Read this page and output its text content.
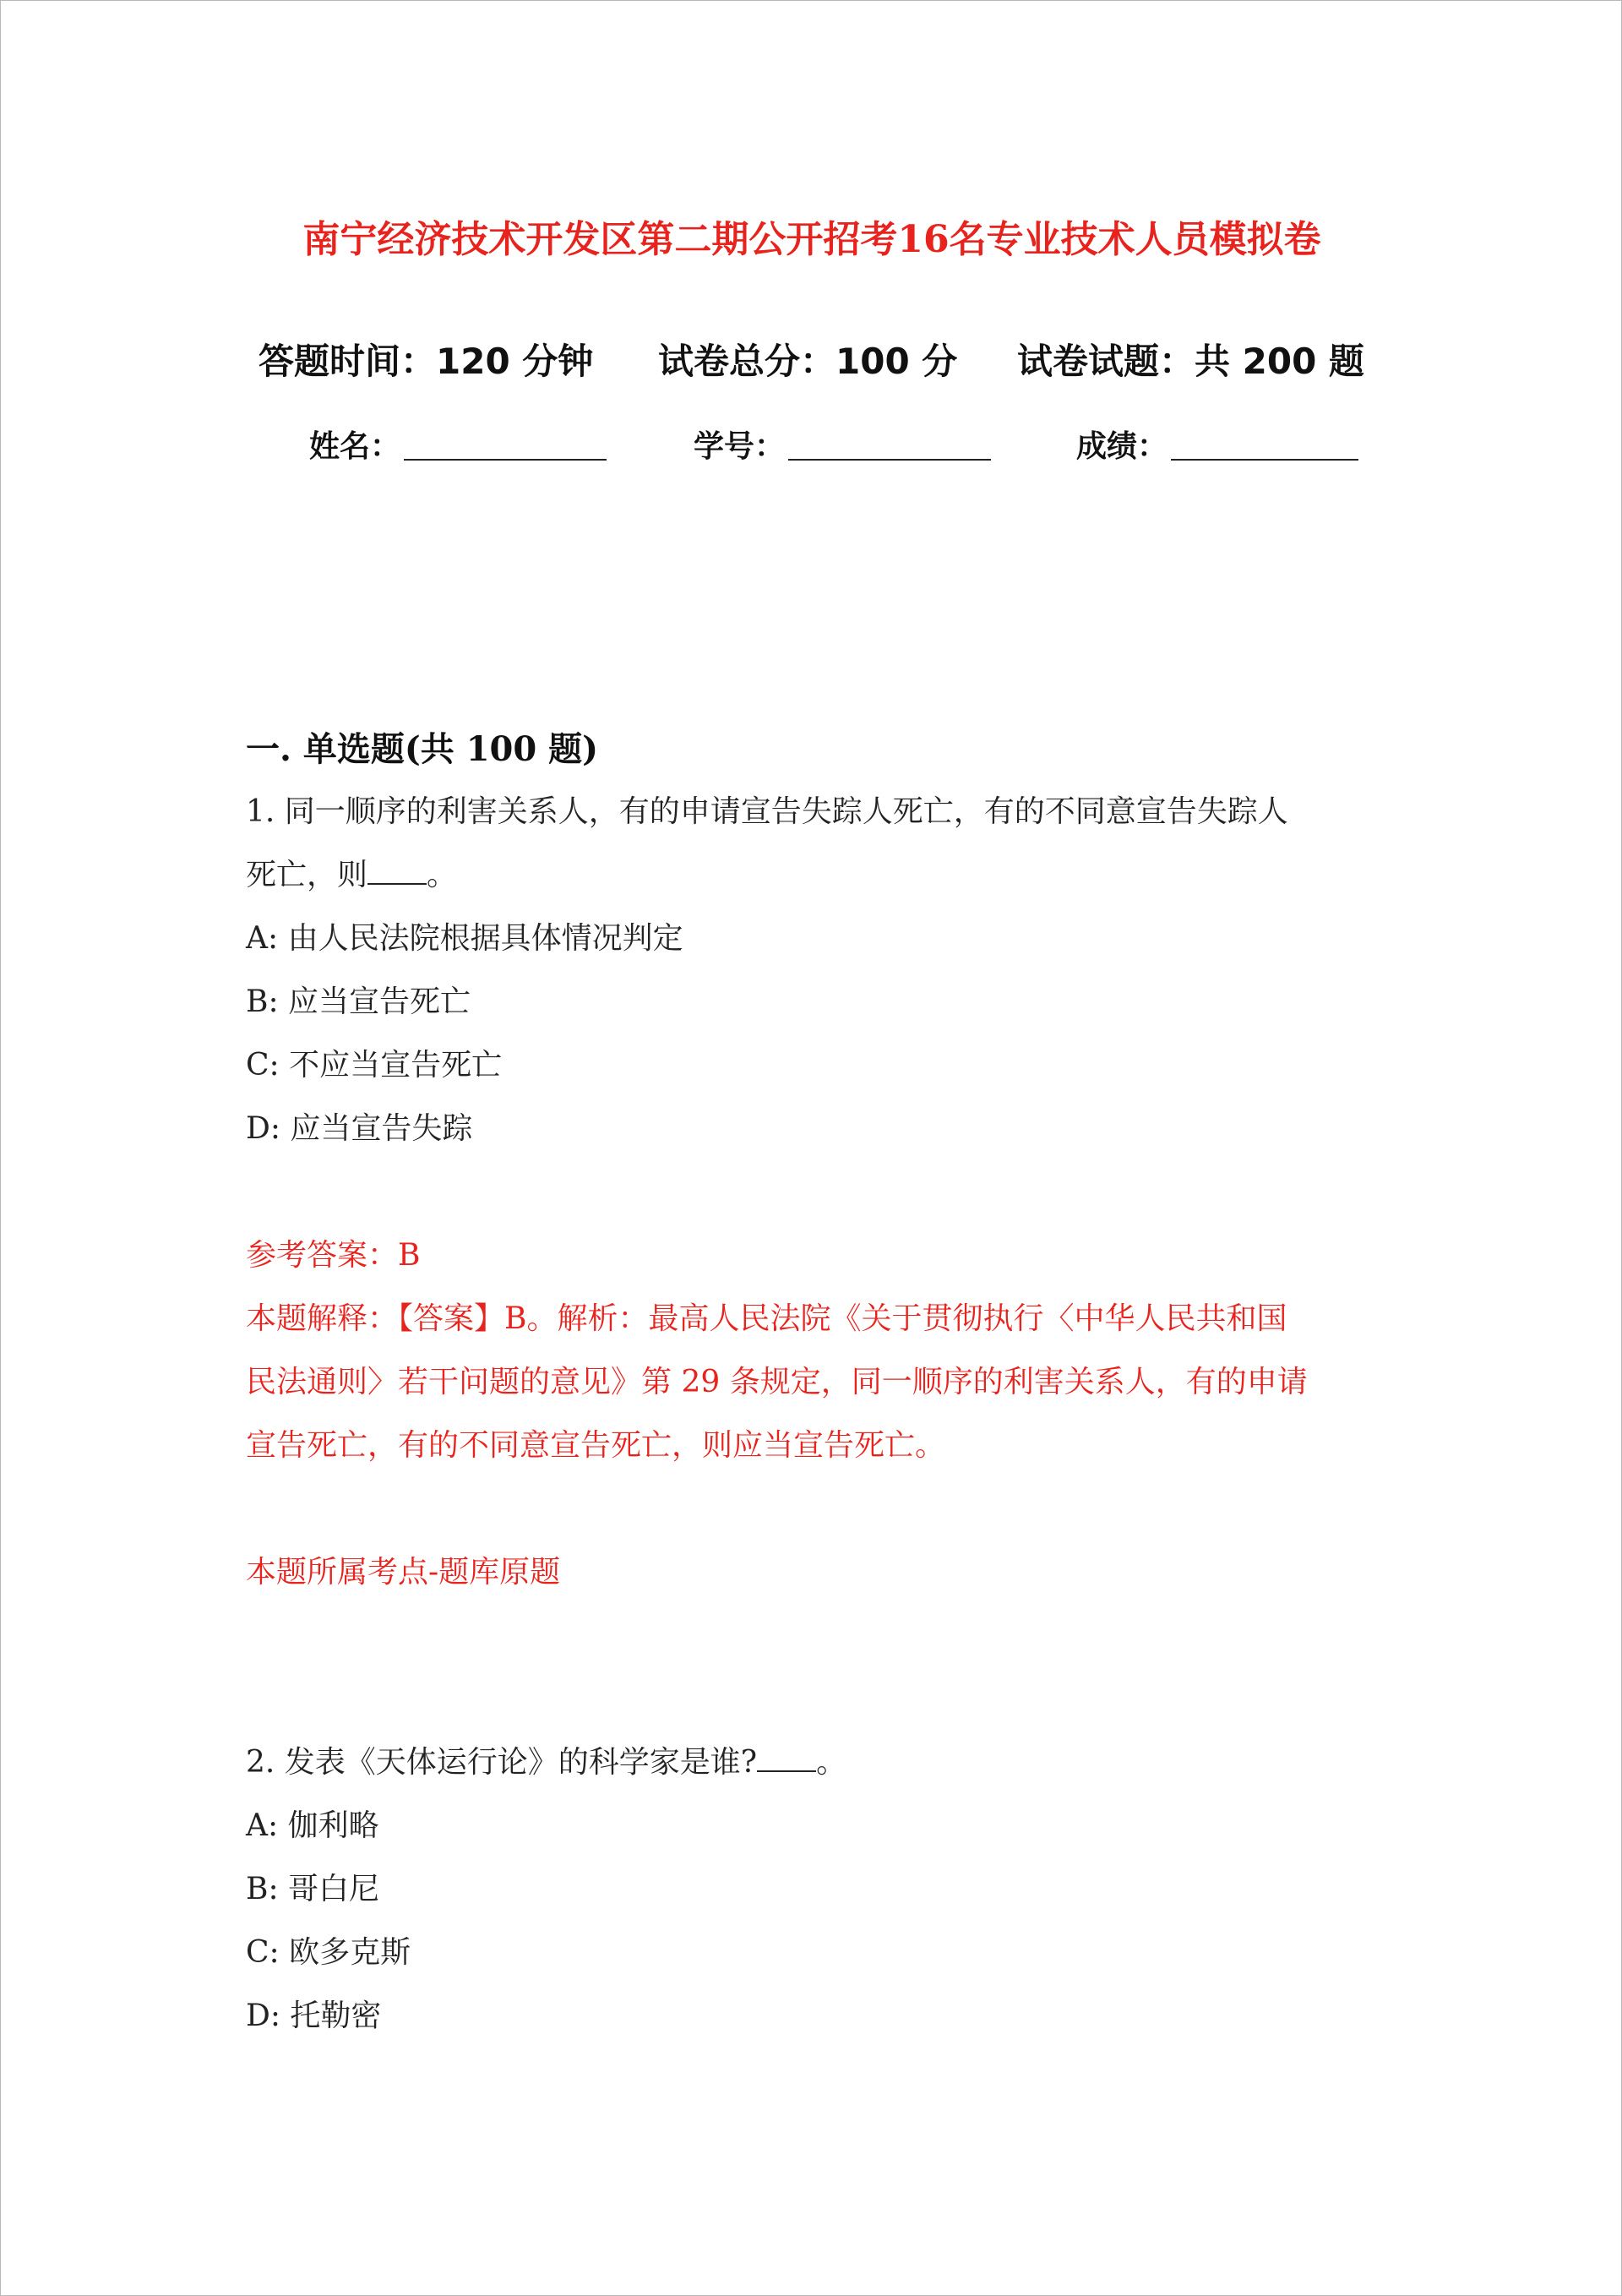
南宁经济技术开发区第二期公开招考16名专业技术人员模拟卷
答题时间：120 分钟 试卷总分：100 分 试卷试题：共 200 题
姓名：	学号：	成绩：

一. 单选题(共 100 题)

1. 同一顺序的利害关系人，有的申请宣告失踪人死亡，有的不同意宣告失踪人

死亡，则 。

A: 由人民法院根据具体情况判定

B: 应当宣告死亡

C: 不应当宣告死亡

D: 应当宣告失踪

参考答案：B

本题解释：【答案】B。解析：最高人民法院《关于贯彻执行〈中华人民共和国

民法通则〉若干问题的意见》第 29 条规定，同一顺序的利害关系人，有的申请

宣告死亡，有的不同意宣告死亡，则应当宣告死亡。

本题所属考点-题库原题

2. 发表《天体运行论》的科学家是谁? 。

A: 伽利略

B: 哥白尼

C: 欧多克斯

D: 托勒密
